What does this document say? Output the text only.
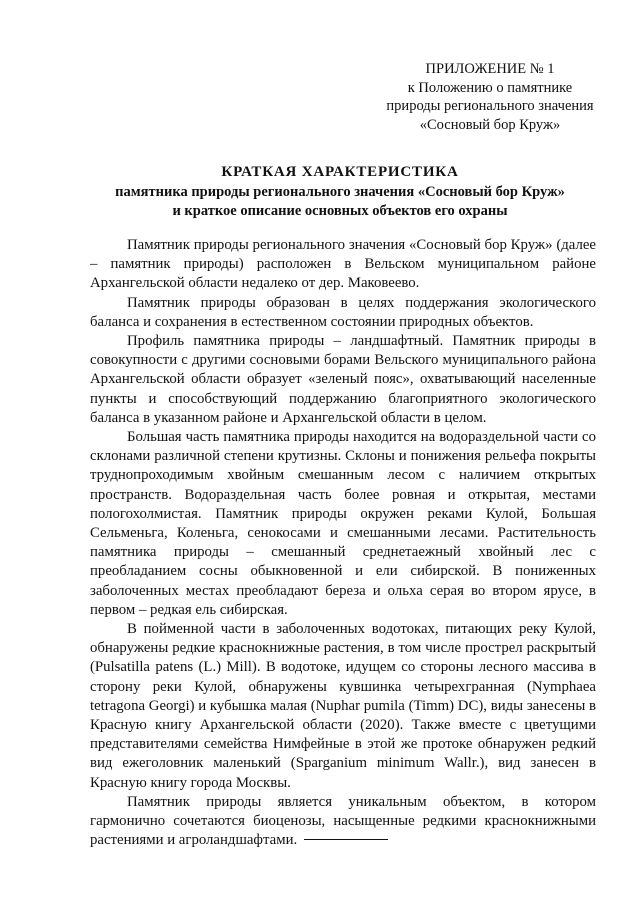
ПРИЛОЖЕНИЕ № 1
к Положению о памятнике
природы регионального значения
«Сосновый бор Круж»
КРАТКАЯ ХАРАКТЕРИСТИКА
памятника природы регионального значения «Сосновый бор Круж»
и краткое описание основных объектов его охраны

Памятник природы регионального значения «Сосновый бор Круж» (далее – памятник природы) расположен в Вельском муниципальном районе Архангельской области недалеко от дер. Маковеево.

Памятник природы образован в целях поддержания экологического баланса и сохранения в естественном состоянии природных объектов.

Профиль памятника природы – ландшафтный. Памятник природы в совокупности с другими сосновыми борами Вельского муниципального района Архангельской области образует «зеленый пояс», охватывающий населенные пункты и способствующий поддержанию благоприятного экологического баланса в указанном районе и Архангельской области в целом.

Большая часть памятника природы находится на водораздельной части со склонами различной степени крутизны. Склоны и понижения рельефа покрыты труднопроходимым хвойным смешанным лесом с наличием открытых пространств. Водораздельная часть более ровная и открытая, местами пологохолмистая. Памятник природы окружен реками Кулой, Большая Сельменьга, Коленьга, сенокосами и смешанными лесами. Растительность памятника природы – смешанный среднетаежный хвойный лес с преобладанием сосны обыкновенной и ели сибирской. В пониженных заболоченных местах преобладают береза и ольха серая во втором ярусе, в первом – редкая ель сибирская.

В пойменной части в заболоченных водотоках, питающих реку Кулой, обнаружены редкие краснокнижные растения, в том числе прострел раскрытый (Pulsatilla patens (L.) Mill). В водотоке, идущем со стороны лесного массива в сторону реки Кулой, обнаружены кувшинка четырехгранная (Nymphaea tetragona Georgi) и кубышка малая (Nuphar pumila (Timm) DC), виды занесены в Красную книгу Архангельской области (2020). Также вместе с цветущими представителями семейства Нимфейные в этой же протоке обнаружен редкий вид ежеголовник маленький (Sparganium minimum Wallr.), вид занесен в Красную книгу города Москвы.

Памятник природы является уникальным объектом, в котором гармонично сочетаются биоценозы, насыщенные редкими краснокнижными растениями и агроландшафтами.
